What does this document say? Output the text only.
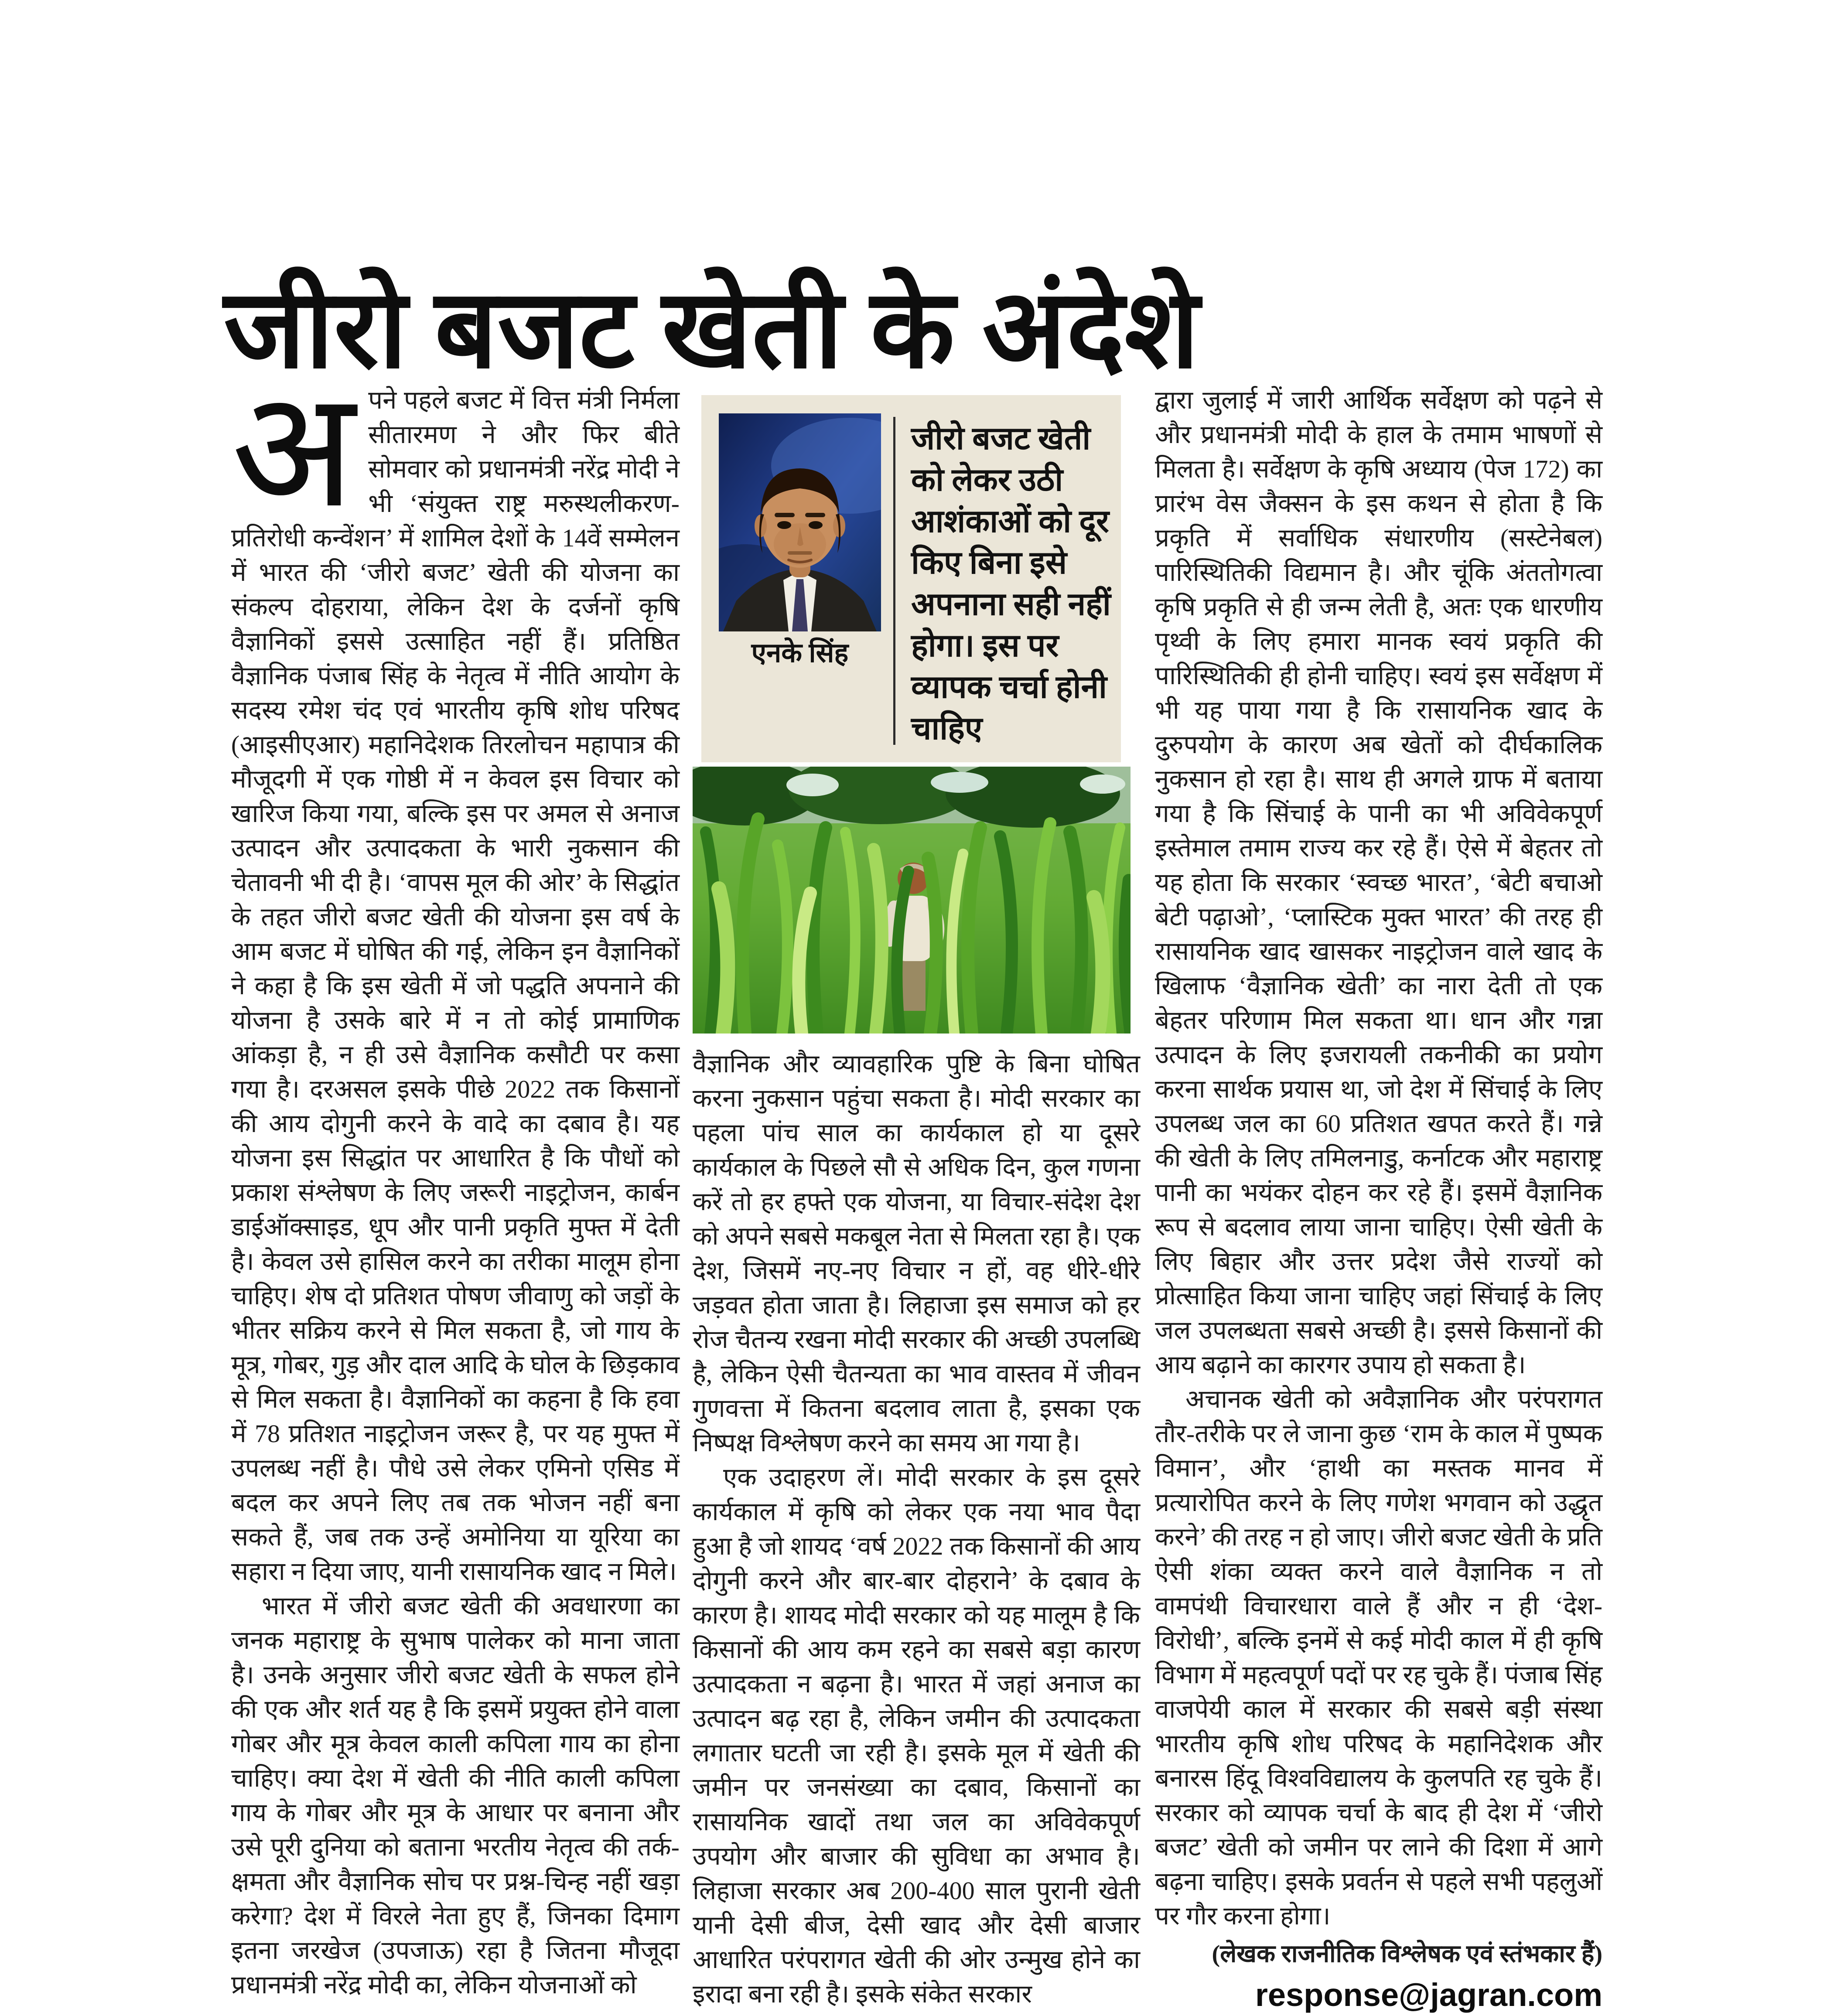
जीरो बजट खेती के अंदेशे

अपने पहले बजट में वित्त मंत्री निर्मला सीतारमण ने और फिर बीते सोमवार को प्रधानमंत्री नरेंद्र मोदी ने भी ‘संयुक्त राष्ट्र मरुस्थलीकरण-प्रतिरोधी कन्वेंशन’ में शामिल देशों के 14वें सम्मेलन में भारत की ‘जीरो बजट’ खेती की योजना का संकल्प दोहराया, लेकिन देश के दर्जनों कृषि वैज्ञानिकों इससे उत्साहित नहीं हैं। प्रतिष्ठित वैज्ञानिक पंजाब सिंह के नेतृत्व में नीति आयोग के सदस्य रमेश चंद एवं भारतीय कृषि शोध परिषद (आइसीएआर) महानिदेशक तिरलोचन महापात्र की मौजूदगी में एक गोष्ठी में न केवल इस विचार को खारिज किया गया, बल्कि इस पर अमल से अनाज उत्पादन और उत्पादकता के भारी नुकसान की चेतावनी भी दी है। ‘वापस मूल की ओर’ के सिद्धांत के तहत जीरो बजट खेती की योजना इस वर्ष के आम बजट में घोषित की गई, लेकिन इन वैज्ञानिकों ने कहा है कि इस खेती में जो पद्धति अपनाने की योजना है उसके बारे में न तो कोई प्रामाणिक आंकड़ा है, न ही उसे वैज्ञानिक कसौटी पर कसा गया है। दरअसल इसके पीछे 2022 तक किसानों की आय दोगुनी करने के वादे का दबाव है। यह योजना इस सिद्धांत पर आधारित है कि पौधों को प्रकाश संश्लेषण के लिए जरूरी नाइट्रोजन, कार्बन डाईऑक्साइड, धूप और पानी प्रकृति मुफ्त में देती है। केवल उसे हासिल करने का तरीका मालूम होना चाहिए। शेष दो प्रतिशत पोषण जीवाणु को जड़ों के भीतर सक्रिय करने से मिल सकता है, जो गाय के मूत्र, गोबर, गुड़ और दाल आदि के घोल के छिड़काव से मिल सकता है। वैज्ञानिकों का कहना है कि हवा में 78 प्रतिशत नाइट्रोजन जरूर है, पर यह मुफ्त में उपलब्ध नहीं है। पौधे उसे लेकर एमिनो एसिड में बदल कर अपने लिए तब तक भोजन नहीं बना सकते हैं, जब तक उन्हें अमोनिया या यूरिया का सहारा न दिया जाए, यानी रासायनिक खाद न मिले।

भारत में जीरो बजट खेती की अवधारणा का जनक महाराष्ट्र के सुभाष पालेकर को माना जाता है। उनके अनुसार जीरो बजट खेती के सफल होने की एक और शर्त यह है कि इसमें प्रयुक्त होने वाला गोबर और मूत्र केवल काली कपिला गाय का होना चाहिए। क्या देश में खेती की नीति काली कपिला गाय के गोबर और मूत्र के आधार पर बनाना और उसे पूरी दुनिया को बताना भरतीय नेतृत्व की तर्क-क्षमता और वैज्ञानिक सोच पर प्रश्न-चिन्ह नहीं खड़ा करेगा? देश में विरले नेता हुए हैं, जिनका दिमाग इतना जरखेज (उपजाऊ) रहा है जितना मौजूदा प्रधानमंत्री नरेंद्र मोदी का, लेकिन योजनाओं को

एनके सिंह
जीरो बजट खेती को लेकर उठी आशंकाओं को दूर किए बिना इसे अपनाना सही नहीं होगा। इस पर व्यापक चर्चा होनी चाहिए

वैज्ञानिक और व्यावहारिक पुष्टि के बिना घोषित करना नुकसान पहुंचा सकता है। मोदी सरकार का पहला पांच साल का कार्यकाल हो या दूसरे कार्यकाल के पिछले सौ से अधिक दिन, कुल गणना करें तो हर हफ्ते एक योजना, या विचार-संदेश देश को अपने सबसे मकबूल नेता से मिलता रहा है। एक देश, जिसमें नए-नए विचार न हों, वह धीरे-धीरे जड़वत होता जाता है। लिहाजा इस समाज को हर रोज चैतन्य रखना मोदी सरकार की अच्छी उपलब्धि है, लेकिन ऐसी चैतन्यता का भाव वास्तव में जीवन गुणवत्ता में कितना बदलाव लाता है, इसका एक निष्पक्ष विश्लेषण करने का समय आ गया है।

एक उदाहरण लें। मोदी सरकार के इस दूसरे कार्यकाल में कृषि को लेकर एक नया भाव पैदा हुआ है जो शायद ‘वर्ष 2022 तक किसानों की आय दोगुनी करने और बार-बार दोहराने’ के दबाव के कारण है। शायद मोदी सरकार को यह मालूम है कि किसानों की आय कम रहने का सबसे बड़ा कारण उत्पादकता न बढ़ना है। भारत में जहां अनाज का उत्पादन बढ़ रहा है, लेकिन जमीन की उत्पादकता लगातार घटती जा रही है। इसके मूल में खेती की जमीन पर जनसंख्या का दबाव, किसानों का रासायनिक खादों तथा जल का अविवेकपूर्ण उपयोग और बाजार की सुविधा का अभाव है। लिहाजा सरकार अब 200-400 साल पुरानी खेती यानी देसी बीज, देसी खाद और देसी बाजार आधारित परंपरागत खेती की ओर उन्मुख होने का इरादा बना रही है। इसके संकेत सरकार

द्वारा जुलाई में जारी आर्थिक सर्वेक्षण को पढ़ने से और प्रधानमंत्री मोदी के हाल के तमाम भाषणों से मिलता है। सर्वेक्षण के कृषि अध्याय (पेज 172) का प्रारंभ वेस जैक्सन के इस कथन से होता है कि प्रकृति में सर्वाधिक संधारणीय (सस्टेनेबल) पारिस्थितिकी विद्यमान है। और चूंकि अंततोगत्वा कृषि प्रकृति से ही जन्म लेती है, अतः एक धारणीय पृथ्वी के लिए हमारा मानक स्वयं प्रकृति की पारिस्थितिकी ही होनी चाहिए। स्वयं इस सर्वेक्षण में भी यह पाया गया है कि रासायनिक खाद के दुरुपयोग के कारण अब खेतों को दीर्घकालिक नुकसान हो रहा है। साथ ही अगले ग्राफ में बताया गया है कि सिंचाई के पानी का भी अविवेकपूर्ण इस्तेमाल तमाम राज्य कर रहे हैं। ऐसे में बेहतर तो यह होता कि सरकार ‘स्वच्छ भारत’, ‘बेटी बचाओ बेटी पढ़ाओ’, ‘प्लास्टिक मुक्त भारत’ की तरह ही रासायनिक खाद खासकर नाइट्रोजन वाले खाद के खिलाफ ‘वैज्ञानिक खेती’ का नारा देती तो एक बेहतर परिणाम मिल सकता था। धान और गन्ना उत्पादन के लिए इजरायली तकनीकी का प्रयोग करना सार्थक प्रयास था, जो देश में सिंचाई के लिए उपलब्ध जल का 60 प्रतिशत खपत करते हैं। गन्ने की खेती के लिए तमिलनाडु, कर्नाटक और महाराष्ट्र पानी का भयंकर दोहन कर रहे हैं। इसमें वैज्ञानिक रूप से बदलाव लाया जाना चाहिए। ऐसी खेती के लिए बिहार और उत्तर प्रदेश जैसे राज्यों को प्रोत्साहित किया जाना चाहिए जहां सिंचाई के लिए जल उपलब्धता सबसे अच्छी है। इससे किसानों की आय बढ़ाने का कारगर उपाय हो सकता है।

अचानक खेती को अवैज्ञानिक और परंपरागत तौर-तरीके पर ले जाना कुछ ‘राम के काल में पुष्पक विमान’, और ‘हाथी का मस्तक मानव में प्रत्यारोपित करने के लिए गणेश भगवान को उद्धृत करने’ की तरह न हो जाए। जीरो बजट खेती के प्रति ऐसी शंका व्यक्त करने वाले वैज्ञानिक न तो वामपंथी विचारधारा वाले हैं और न ही ‘देश-विरोधी’, बल्कि इनमें से कई मोदी काल में ही कृषि विभाग में महत्वपूर्ण पदों पर रह चुके हैं। पंजाब सिंह वाजपेयी काल में सरकार की सबसे बड़ी संस्था भारतीय कृषि शोध परिषद के महानिदेशक और बनारस हिंदू विश्वविद्यालय के कुलपति रह चुके हैं। सरकार को व्यापक चर्चा के बाद ही देश में ‘जीरो बजट’ खेती को जमीन पर लाने की दिशा में आगे बढ़ना चाहिए। इसके प्रवर्तन से पहले सभी पहलुओं पर गौर करना होगा।

(लेखक राजनीतिक विश्लेषक एवं स्तंभकार हैं)

response@jagran.com
